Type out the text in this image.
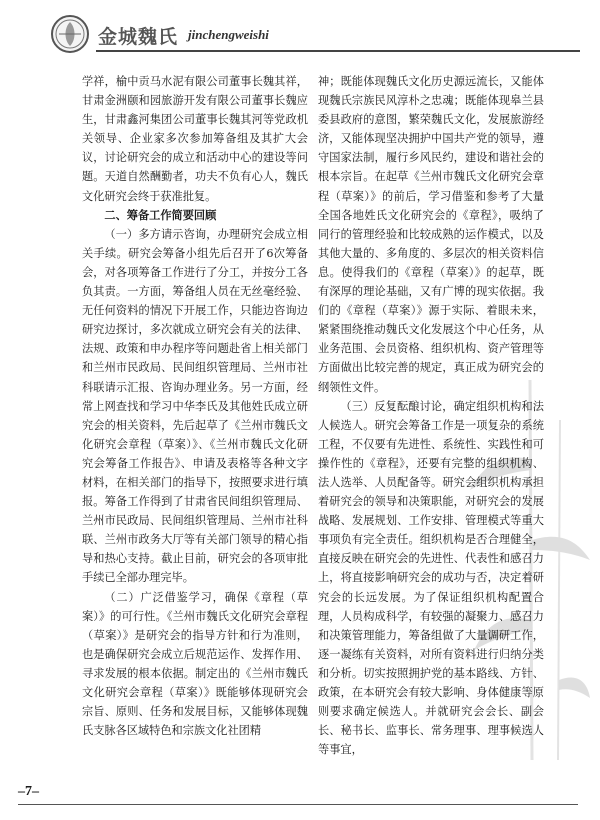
金城魏氏 jinchengweishi

学祥，榆中贡马水泥有限公司董事长魏其祥，甘肃金洲颐和园旅游开发有限公司董事长魏应生，甘肃鑫河集团公司董事长魏其河等党政机关领导、企业家多次参加筹备组及其扩大会议，讨论研究会的成立和活动中心的建设等问题。天道自然酬勤者，功夫不负有心人，魏氏文化研究会终于获准批复。

二、筹备工作简要回顾

（一）多方请示咨询，办理研究会成立相关手续。研究会筹备小组先后召开了6次筹备会，对各项筹备工作进行了分工，并按分工各负其责。一方面，筹备组人员在无丝毫经验、无任何资料的情况下开展工作，只能边咨询边研究边探讨，多次就成立研究会有关的法律、法规、政策和申办程序等问题赴省上相关部门和兰州市民政局、民间组织管理局、兰州市社科联请示汇报、咨询办理业务。另一方面，经常上网查找和学习中华李氏及其他姓氏成立研究会的相关资料，先后起草了《兰州市魏氏文化研究会章程（草案）》、《兰州市魏氏文化研究会筹备工作报告》、申请及表格等各种文字材料，在相关部门的指导下，按照要求进行填报。筹备工作得到了甘肃省民间组织管理局、兰州市民政局、民间组织管理局、兰州市社科联、兰州市政务大厅等有关部门领导的精心指导和热心支持。截止目前，研究会的各项审批手续已全部办理完毕。

（二）广泛借鉴学习，确保《章程（草案）》的可行性。《兰州市魏氏文化研究会章程（草案）》是研究会的指导方针和行为准则，也是确保研究会成立后规范运作、发挥作用、寻求发展的根本依据。制定出的《兰州市魏氏文化研究会章程（草案）》既能够体现研究会宗旨、原则、任务和发展目标，又能够体现魏氏支脉各区域特色和宗族文化社团精

神；既能体现魏氏文化历史源远流长，又能体现魏氏宗族民风淳朴之忠魂；既能体现皋兰县委县政府的意图，繁荣魏氏文化，发展旅游经济，又能体现坚决拥护中国共产党的领导，遵守国家法制，履行乡风民约，建设和谐社会的根本宗旨。在起草《兰州市魏氏文化研究会章程（草案）》的前后，学习借鉴和参考了大量全国各地姓氏文化研究会的《章程》，吸纳了同行的管理经验和比较成熟的运作模式，以及其他大量的、多角度的、多层次的相关资料信息。使得我们的《章程（草案）》的起草，既有深厚的理论基础，又有广博的现实依据。我们的《章程（草案）》源于实际、着眼未来，紧紧围绕推动魏氏文化发展这个中心任务，从业务范围、会员资格、组织机构、资产管理等方面做出比较完善的规定，真正成为研究会的纲领性文件。

（三）反复酝酿讨论，确定组织机构和法人候选人。研究会筹备工作是一项复杂的系统工程，不仅要有先进性、系统性、实践性和可操作性的《章程》，还要有完整的组织机构、法人选举、人员配备等。研究会组织机构承担着研究会的领导和决策职能，对研究会的发展战略、发展规划、工作安排、管理模式等重大事项负有完全责任。组织机构是否合理健全，直接反映在研究会的先进性、代表性和感召力上，将直接影响研究会的成功与否，决定着研究会的长远发展。为了保证组织机构配置合理，人员构成科学，有较强的凝聚力、感召力和决策管理能力，筹备组做了大量调研工作，逐一凝练有关资料，对所有资料进行归纳分类和分析。切实按照拥护党的基本路线、方针、政策，在本研究会有较大影响、身体健康等原则要求确定候选人。并就研究会会长、副会长、秘书长、监事长、常务理事、理事候选人等事宜，

–7–
